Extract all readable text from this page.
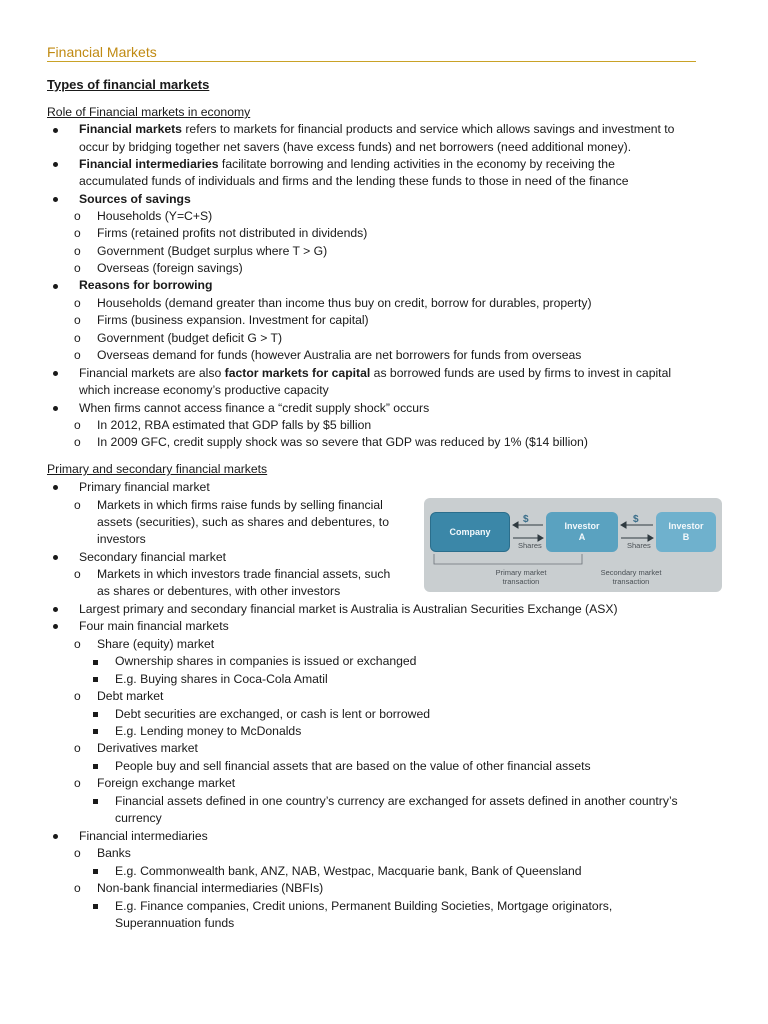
Financial Markets
Types of financial markets
Role of Financial markets in economy
Financial markets refers to markets for financial products and service which allows savings and investment to
occur by bridging together net savers (have excess funds) and net borrowers (need additional money).
Financial intermediaries facilitate borrowing and lending activities in the economy by receiving the
accumulated funds of individuals and firms and the lending these funds to those in need of the finance
Sources of savings
o Households (Y=C+S)
o Firms (retained profits not distributed in dividends)
o Government (Budget surplus where T > G)
o Overseas (foreign savings)
Reasons for borrowing
o Households (demand greater than income thus buy on credit, borrow for durables, property)
o Firms (business expansion. Investment for capital)
o Government (budget deficit G > T)
o Overseas demand for funds (however Australia are net borrowers for funds from overseas
Financial markets are also factor markets for capital as borrowed funds are used by firms to invest in capital
which increase economy’s productive capacity
When firms cannot access finance a “credit supply shock” occurs
o In 2012, RBA estimated that GDP falls by $5 billion
o In 2009 GFC, credit supply shock was so severe that GDP was reduced by 1% ($14 billion)
Primary and secondary financial markets
Primary financial market
o Markets in which firms raise funds by selling financial
assets (securities), such as shares and debentures, to
investors
Secondary financial market
o Markets in which investors trade financial assets, such
as shares or debentures, with other investors
Company
Investor
A
Investor
B
$	$
Shares	Shares
Primary market
transaction
Secondary market
transaction
Largest primary and secondary financial market is Australia is Australian Securities Exchange (ASX)
Four main financial markets
o Share (equity) market
Ownership shares in companies is issued or exchanged
E.g. Buying shares in Coca-Cola Amatil
o Debt market
Debt securities are exchanged, or cash is lent or borrowed
E.g. Lending money to McDonalds
o Derivatives market
People buy and sell financial assets that are based on the value of other financial assets
o Foreign exchange market
Financial assets defined in one country’s currency are exchanged for assets defined in another country’s
currency
Financial intermediaries
o Banks
E.g. Commonwealth bank, ANZ, NAB, Westpac, Macquarie bank, Bank of Queensland
o Non-bank financial intermediaries (NBFIs)
E.g. Finance companies, Credit unions, Permanent Building Societies, Mortgage originators,
Superannuation funds
